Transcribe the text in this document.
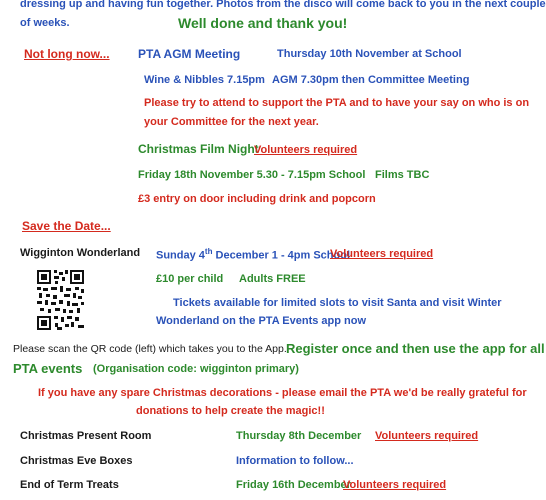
dressing up and having fun together. Photos from the disco will come back to you in the next couple
of weeks.	Well done and thank you!
Not long now... PTA AGM Meeting	Thursday 10th November at School
Wine & Nibbles 7.15pm AGM 7.30pm then Committee Meeting
Please try to attend to support the PTA and to have your say on who is on
your Committee for the next year.
Christmas Film Night
Volunteers required
Friday 18th November 5.30 - 7.15pm School Films TBC
£3 entry on door including drink and popcorn
Save the Date...
Wigginton Wonderland Sunday 4th December 1 - 4pm School
Volunteers required
£10 per child Adults FREE
Tickets available for limited slots to visit Santa and visit Winter
Wonderland on the PTA Events app now
Please scan the QR code (left) which takes you to the App. Register once and then use the app for all
PTA events (Organisation code: wigginton primary)
If you have any spare Christmas decorations - please email the PTA we'd be really grateful for
donations to help create the magic!!
Christmas Present Room	Thursday 8th December Volunteers required
Christmas Eve Boxes	Information to follow...
End of Term Treats	Friday 16th December
Volunteers required
